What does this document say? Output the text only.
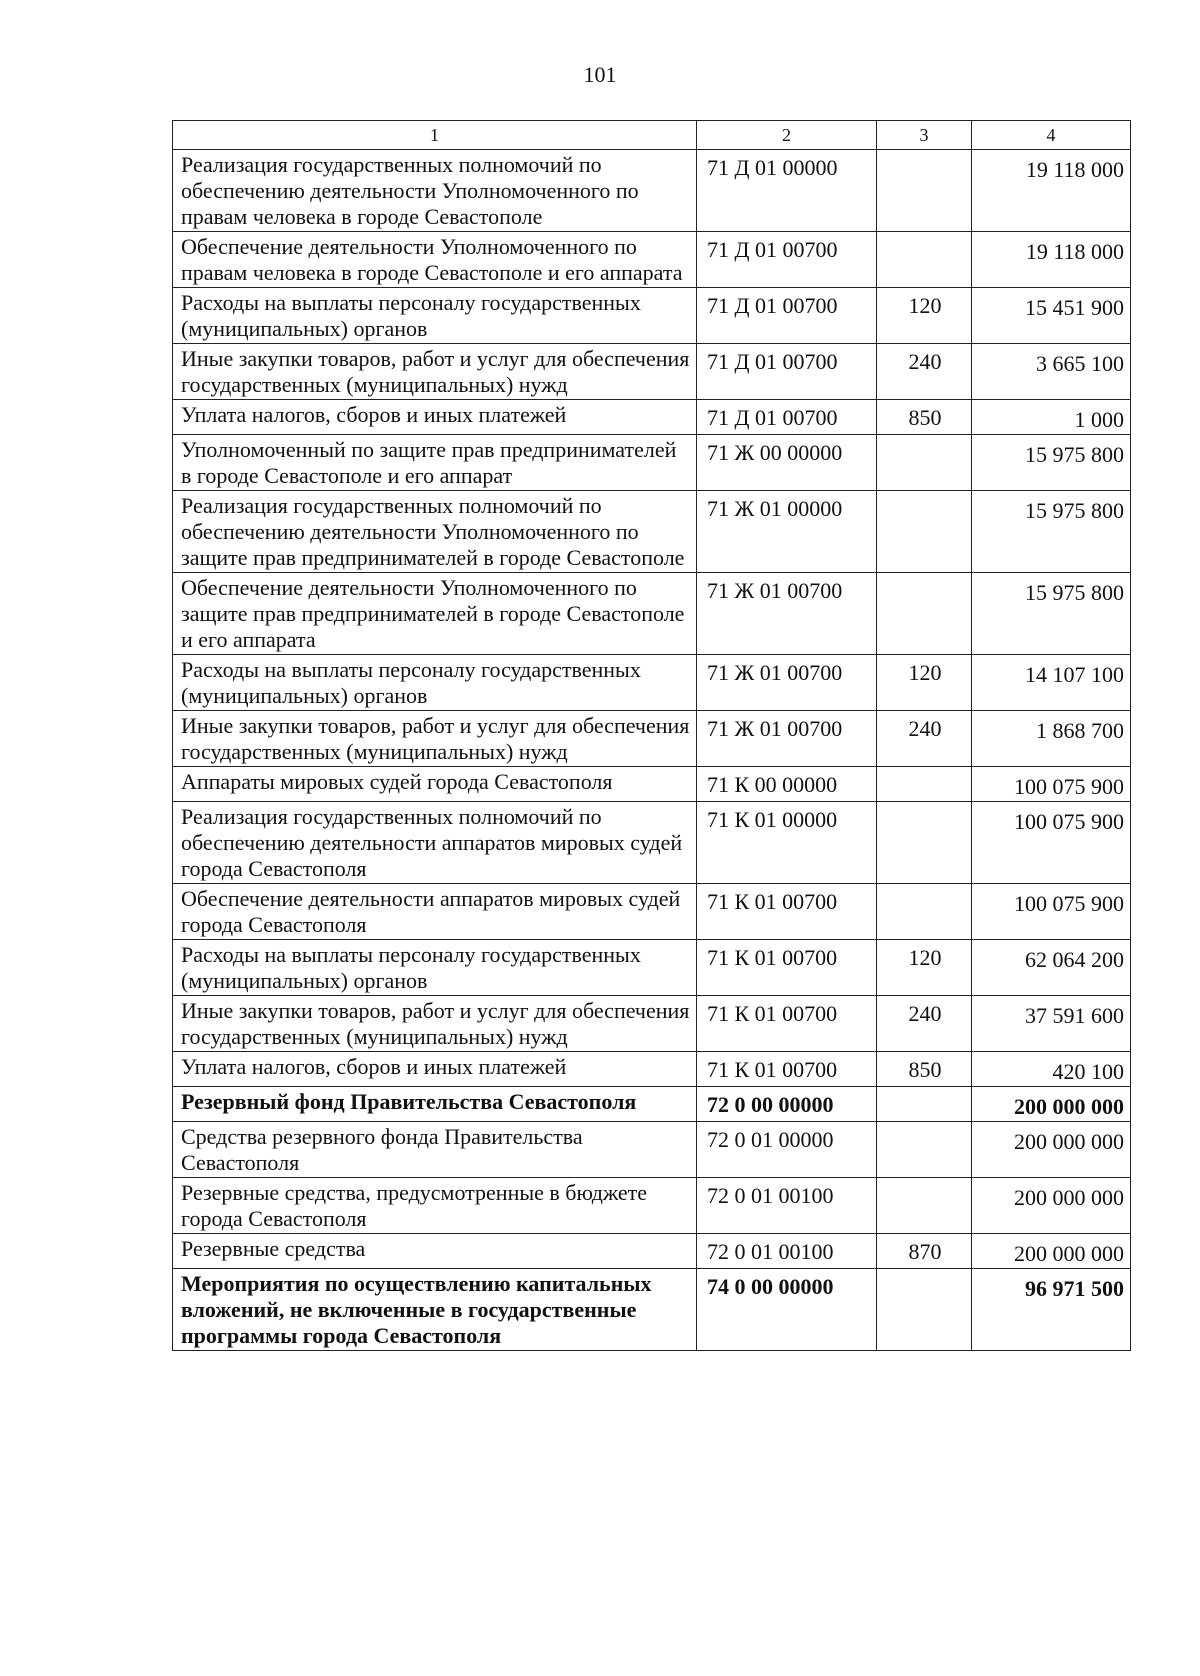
101
1	2	3	4
Реализация государственных полномочий по обеспечению деятельности Уполномоченного по правам человека в городе Севастополе	71 Д 01 00000		19 118 000
Обеспечение деятельности Уполномоченного по правам человека в городе Севастополе и его аппарата	71 Д 01 00700		19 118 000
Расходы на выплаты персоналу государственных (муниципальных) органов	71 Д 01 00700	120	15 451 900
Иные закупки товаров, работ и услуг для обеспечения государственных (муниципальных) нужд	71 Д 01 00700	240	3 665 100
Уплата налогов, сборов и иных платежей	71 Д 01 00700	850	1 000
Уполномоченный по защите прав предпринимателей в городе Севастополе и его аппарат	71 Ж 00 00000		15 975 800
Реализация государственных полномочий по обеспечению деятельности Уполномоченного по защите прав предпринимателей в городе Севастополе	71 Ж 01 00000		15 975 800
Обеспечение деятельности Уполномоченного по защите прав предпринимателей в городе Севастополе и его аппарата	71 Ж 01 00700		15 975 800
Расходы на выплаты персоналу государственных (муниципальных) органов	71 Ж 01 00700	120	14 107 100
Иные закупки товаров, работ и услуг для обеспечения государственных (муниципальных) нужд	71 Ж 01 00700	240	1 868 700
Аппараты мировых судей города Севастополя	71 К 00 00000		100 075 900
Реализация государственных полномочий по обеспечению деятельности аппаратов мировых судей города Севастополя	71 К 01 00000		100 075 900
Обеспечение деятельности аппаратов мировых судей города Севастополя	71 К 01 00700		100 075 900
Расходы на выплаты персоналу государственных (муниципальных) органов	71 К 01 00700	120	62 064 200
Иные закупки товаров, работ и услуг для обеспечения государственных (муниципальных) нужд	71 К 01 00700	240	37 591 600
Уплата налогов, сборов и иных платежей	71 К 01 00700	850	420 100
Резервный фонд Правительства Севастополя	72 0 00 00000		200 000 000
Средства резервного фонда Правительства Севастополя	72 0 01 00000		200 000 000
Резервные средства, предусмотренные в бюджете города Севастополя	72 0 01 00100		200 000 000
Резервные средства	72 0 01 00100	870	200 000 000
Мероприятия по осуществлению капитальных вложений, не включенные в государственные программы города Севастополя	74 0 00 00000		96 971 500
